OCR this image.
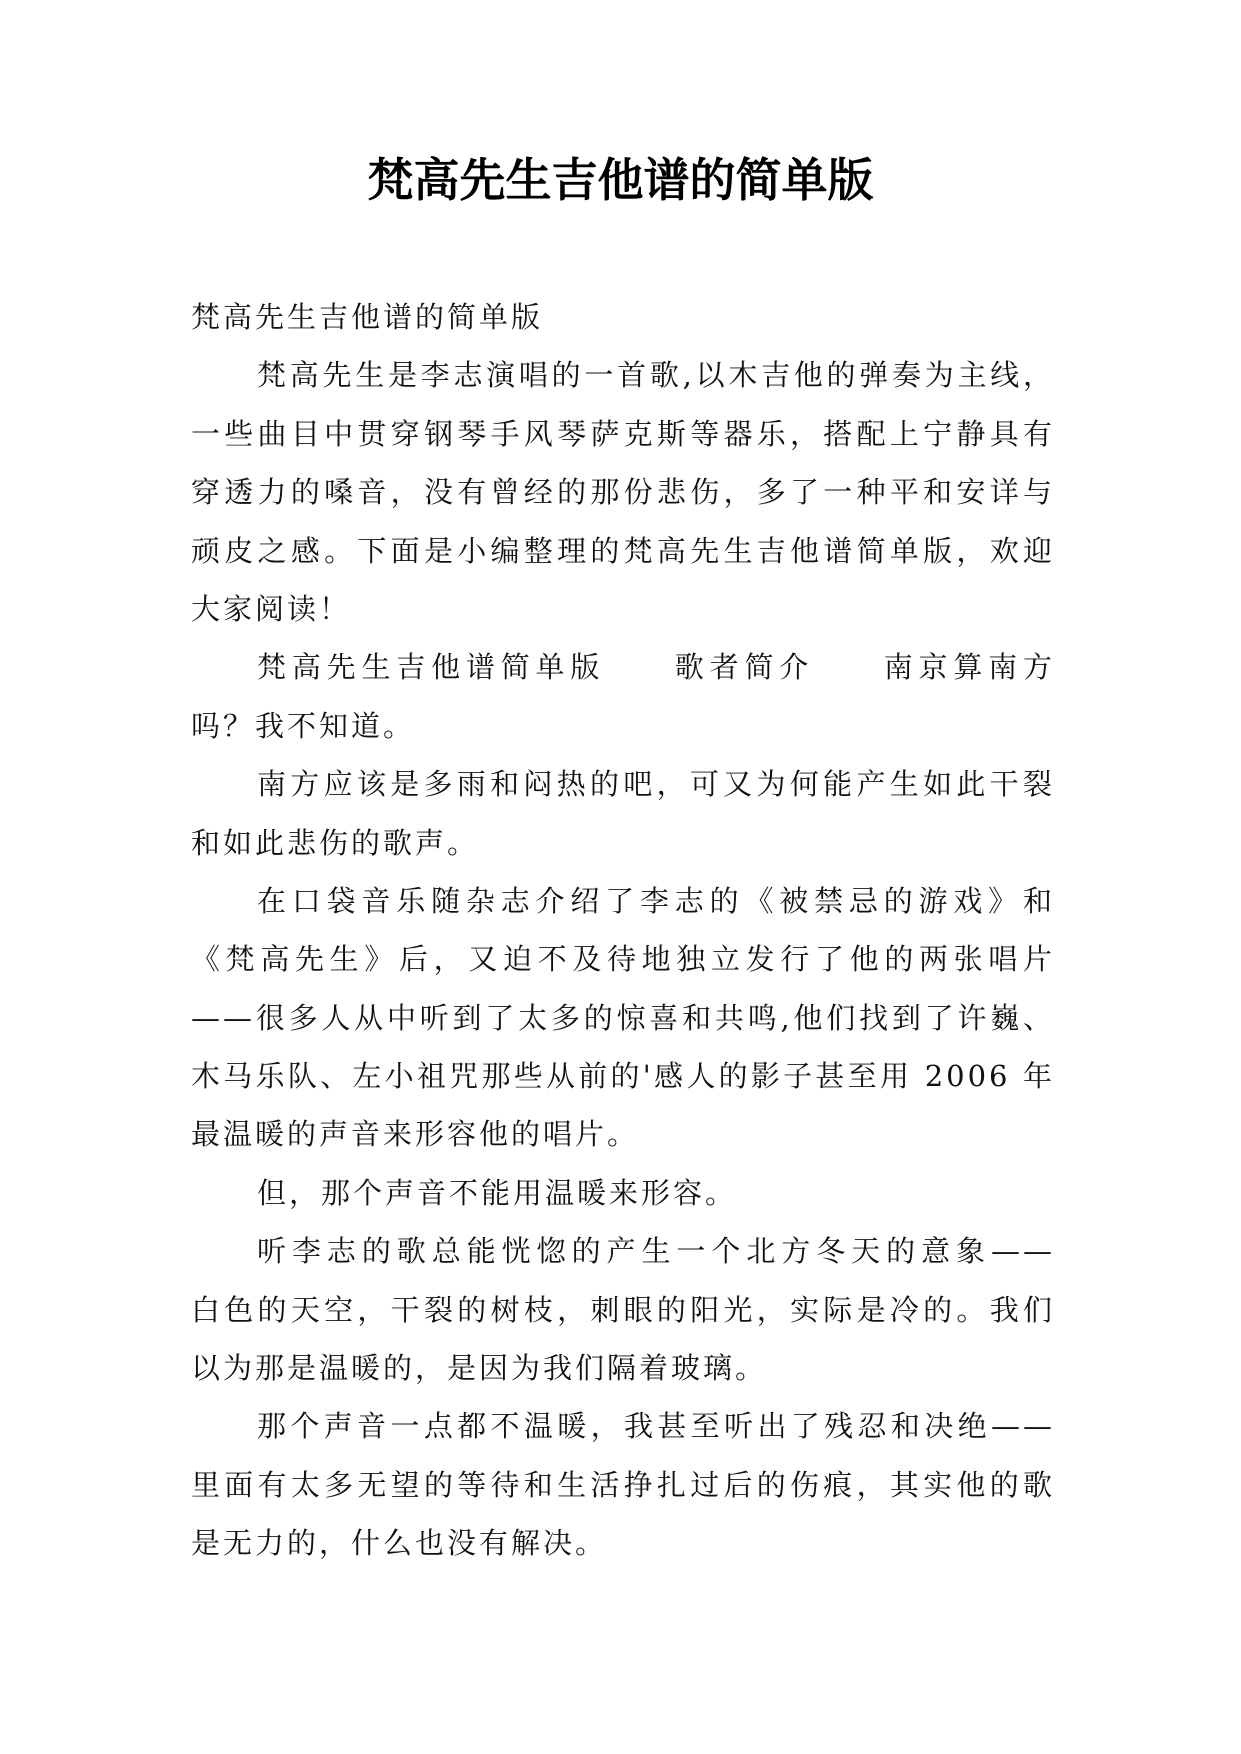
梵高先生吉他谱的简单版
梵高先生吉他谱的简单版
梵高先生是李志演唱的一首歌,以木吉他的弹奏为主线，
一些曲目中贯穿钢琴手风琴萨克斯等器乐，搭配上宁静具有
穿透力的嗓音，没有曾经的那份悲伤，多了一种平和安详与
顽皮之感。下面是小编整理的梵高先生吉他谱简单版，欢迎
大家阅读！
梵高先生吉他谱简单版　　歌者简介　　南京算南方
吗？我不知道。
南方应该是多雨和闷热的吧，可又为何能产生如此干裂
和如此悲伤的歌声。
在口袋音乐随杂志介绍了李志的《被禁忌的游戏》和
《梵高先生》后，又迫不及待地独立发行了他的两张唱片
——很多人从中听到了太多的惊喜和共鸣,他们找到了许巍、
木马乐队、左小祖咒那些从前的'感人的影子甚至用 2006 年
最温暖的声音来形容他的唱片。
但，那个声音不能用温暖来形容。
听李志的歌总能恍惚的产生一个北方冬天的意象——
白色的天空，干裂的树枝，刺眼的阳光，实际是冷的。我们
以为那是温暖的，是因为我们隔着玻璃。
那个声音一点都不温暖，我甚至听出了残忍和决绝——
里面有太多无望的等待和生活挣扎过后的伤痕，其实他的歌
是无力的，什么也没有解决。
